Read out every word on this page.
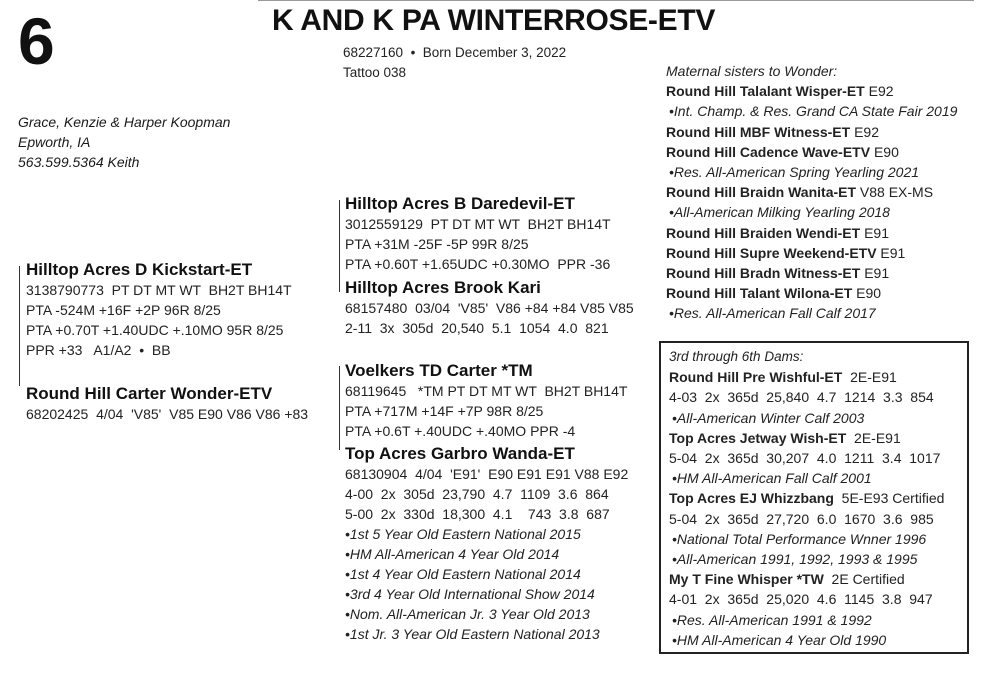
6	K AND K PA WINTERROSE-ETV
68227160  •  Born December 3, 2022
Tattoo 038
Grace, Kenzie & Harper Koopman
Epworth, IA
563.599.5364 Keith
Hilltop Acres D Kickstart-ET
3138790773  PT DT MT WT  BH2T BH14T
PTA -524M +16F +2P 96R 8/25
PTA +0.70T +1.40UDC +.10MO 95R 8/25
PPR +33   A1/A2  •  BB
Round Hill Carter Wonder-ETV
68202425  4/04  'V85'  V85 E90 V86 V86 +83
Hilltop Acres B Daredevil-ET
3012559129  PT DT MT WT  BH2T BH14T
PTA +31M -25F -5P 99R 8/25
PTA +0.60T +1.65UDC +0.30MO  PPR -36
Hilltop Acres Brook Kari
68157480  03/04  'V85'  V86 +84 +84 V85 V85
2-11  3x  305d  20,540  5.1  1054  4.0  821
Voelkers TD Carter *TM
68119645   *TM PT DT MT WT  BH2T BH14T
PTA +717M +14F +7P 98R 8/25
PTA +0.6T +.40UDC +.40MO PPR -4
Top Acres Garbro Wanda-ET
68130904  4/04  'E91'  E90 E91 E91 V88 E92
4-00  2x  305d  23,790  4.7  1109  3.6  864
5-00  2x  330d  18,300  4.1    743  3.8  687
•1st 5 Year Old Eastern National 2015
•HM All-American 4 Year Old 2014
•1st 4 Year Old Eastern National 2014
•3rd 4 Year Old International Show 2014
•Nom. All-American Jr. 3 Year Old 2013
•1st Jr. 3 Year Old Eastern National 2013
Maternal sisters to Wonder:
Round Hill Talalant Wisper-ET E92
•Int. Champ. & Res. Grand CA State Fair 2019
Round Hill MBF Witness-ET E92
Round Hill Cadence Wave-ETV E90
•Res. All-American Spring Yearling 2021
Round Hill Braidn Wanita-ET V88 EX-MS
•All-American Milking Yearling 2018
Round Hill Braiden Wendi-ET E91
Round Hill Supre Weekend-ETV E91
Round Hill Bradn Witness-ET E91
Round Hill Talant Wilona-ET E90
•Res. All-American Fall Calf 2017
3rd through 6th Dams:
Round Hill Pre Wishful-ET  2E-E91
4-03  2x  365d  25,840  4.7  1214  3.3  854
•All-American Winter Calf 2003
Top Acres Jetway Wish-ET  2E-E91
5-04  2x  365d  30,207  4.0  1211  3.4  1017
•HM All-American Fall Calf 2001
Top Acres EJ Whizzbang  5E-E93 Certified
5-04  2x  365d  27,720  6.0  1670  3.6  985
•National Total Performance Wnner 1996
•All-American 1991, 1992, 1993 & 1995
My T Fine Whisper *TW  2E Certified
4-01  2x  365d  25,020  4.6  1145  3.8  947
•Res. All-American 1991 & 1992
•HM All-American 4 Year Old 1990
